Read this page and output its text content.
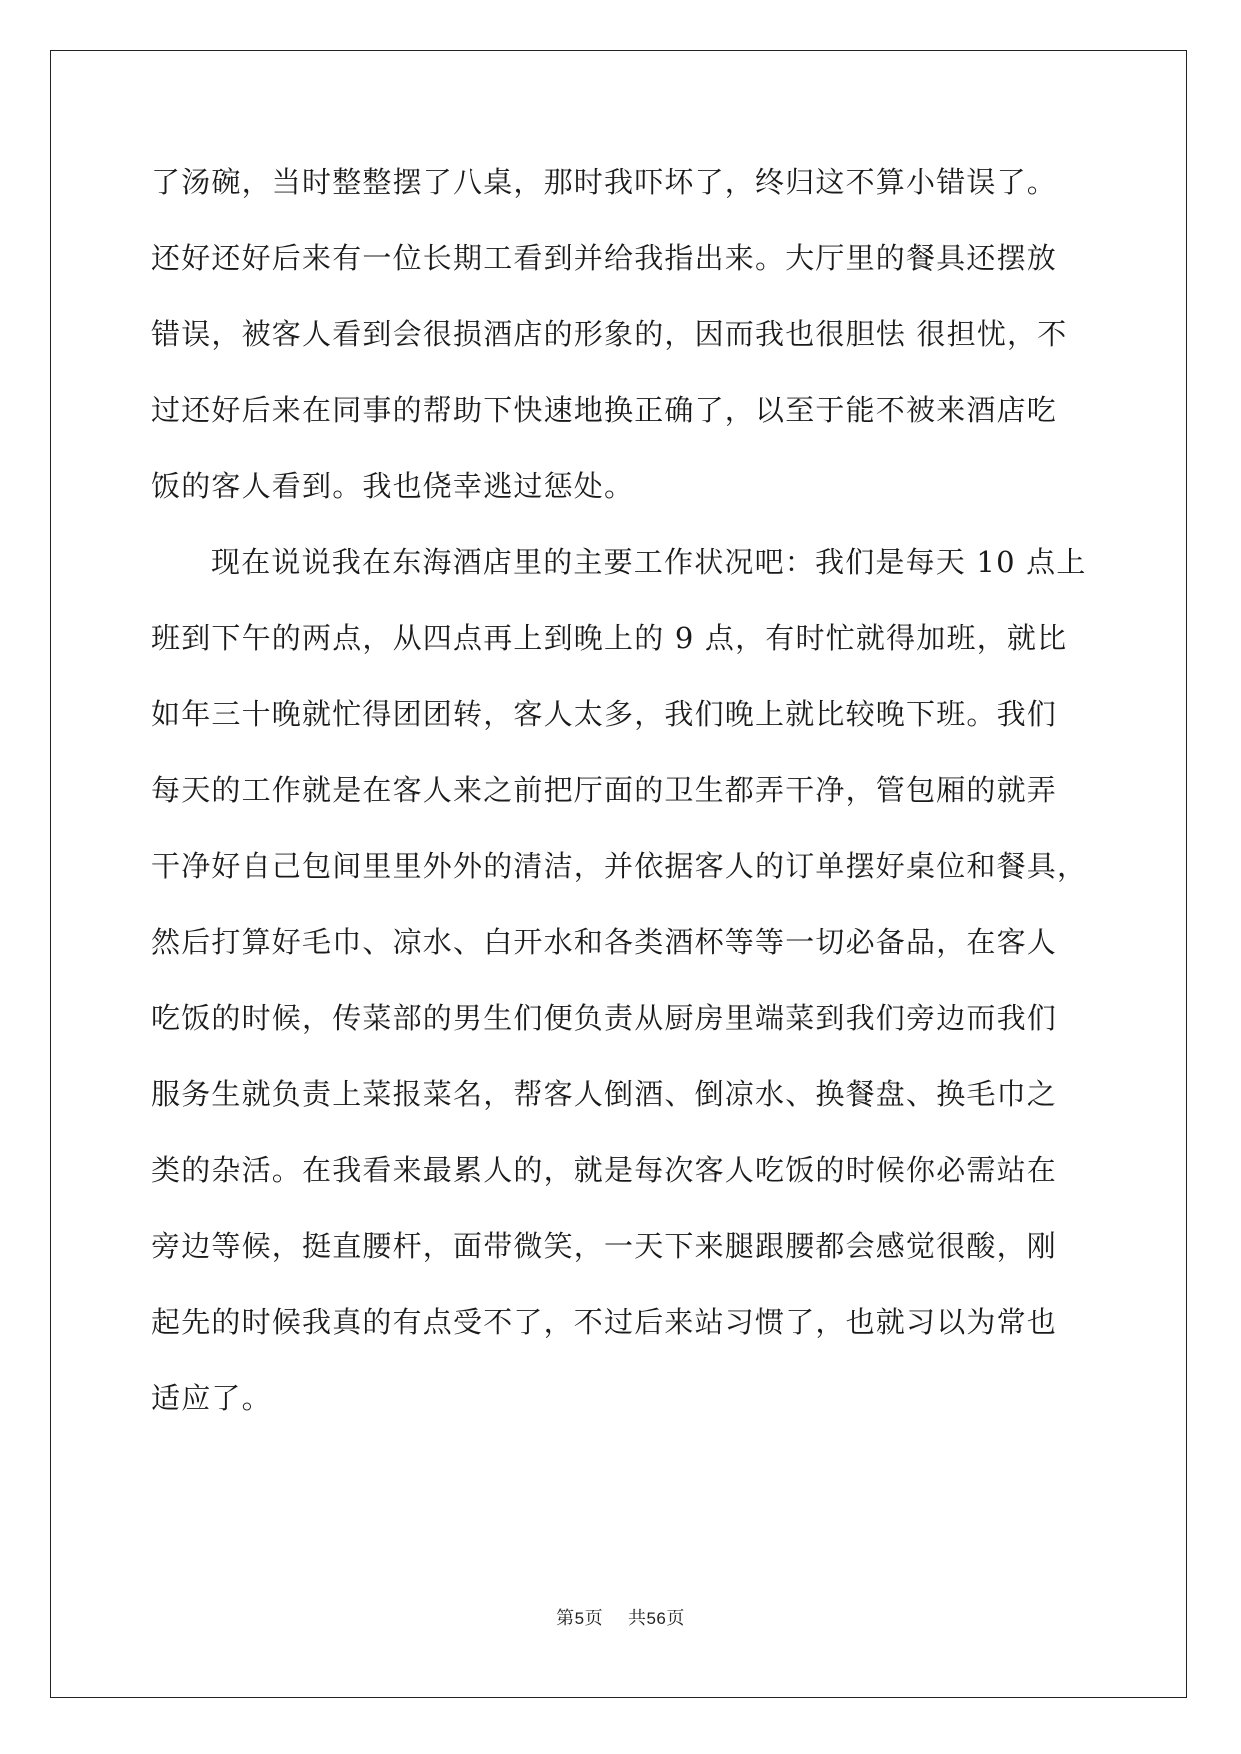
了汤碗，当时整整摆了八桌，那时我吓坏了，终归这不算小错误了。
还好还好后来有一位长期工看到并给我指出来。大厅里的餐具还摆放
错误，被客人看到会很损酒店的形象的，因而我也很胆怯 很担忧，不
过还好后来在同事的帮助下快速地换正确了，以至于能不被来酒店吃
饭的客人看到。我也侥幸逃过惩处。
现在说说我在东海酒店里的主要工作状况吧：我们是每天 10 点上
班到下午的两点，从四点再上到晚上的 9 点，有时忙就得加班，就比
如年三十晚就忙得团团转，客人太多，我们晚上就比较晚下班。我们
每天的工作就是在客人来之前把厅面的卫生都弄干净，管包厢的就弄
干净好自己包间里里外外的清洁，并依据客人的订单摆好桌位和餐具，
然后打算好毛巾、凉水、白开水和各类酒杯等等一切必备品，在客人
吃饭的时候，传菜部的男生们便负责从厨房里端菜到我们旁边而我们
服务生就负责上菜报菜名，帮客人倒酒、倒凉水、换餐盘、换毛巾之
类的杂活。在我看来最累人的，就是每次客人吃饭的时候你必需站在
旁边等候，挺直腰杆，面带微笑，一天下来腿跟腰都会感觉很酸，刚
起先的时候我真的有点受不了，不过后来站习惯了，也就习以为常也
适应了。
第5页 共56页
